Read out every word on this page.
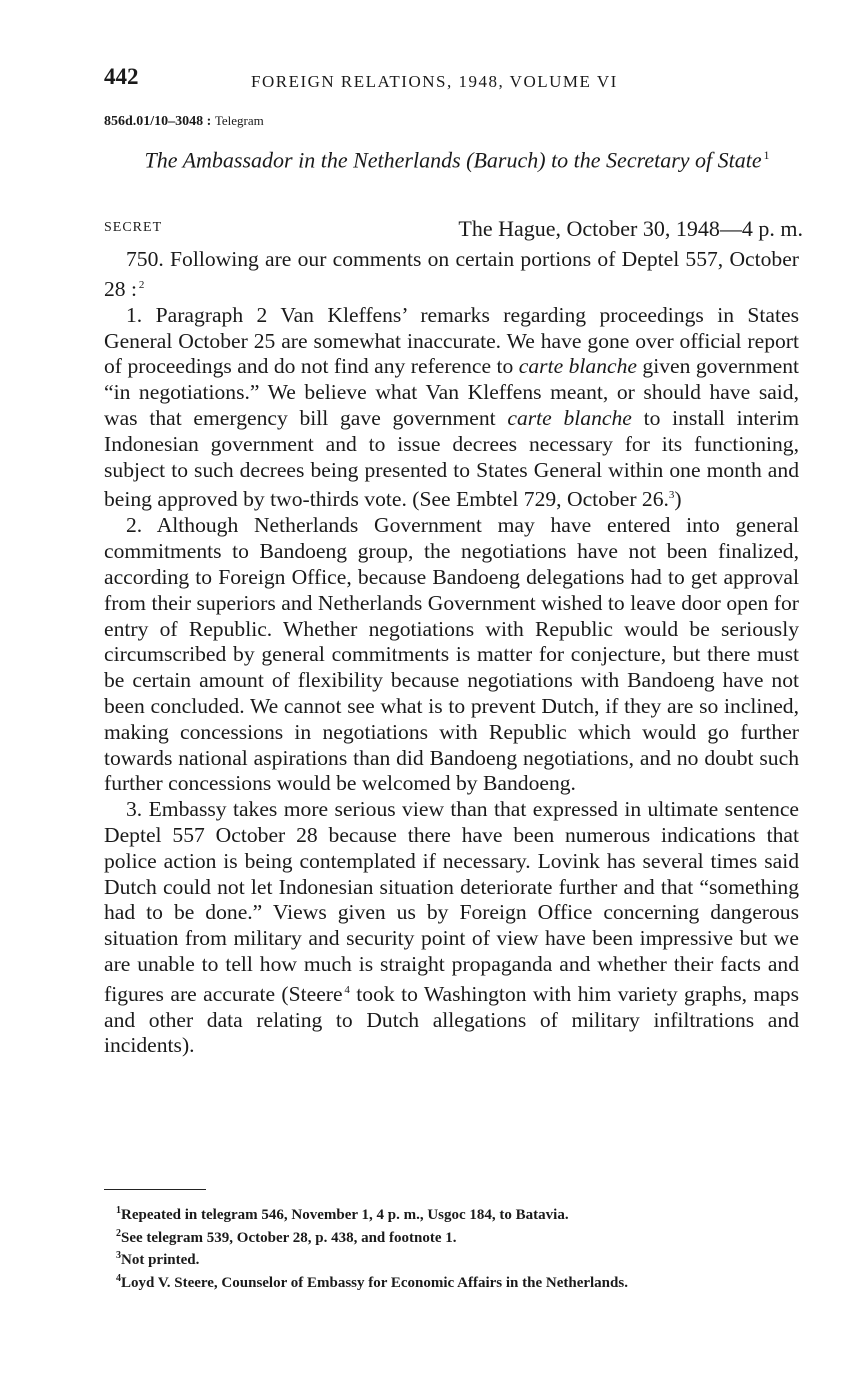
442	FOREIGN RELATIONS, 1948, VOLUME VI
856d.01/10–3048 : Telegram
The Ambassador in the Netherlands (Baruch) to the Secretary of State  $^1$
SECRET	The Hague, October 30, 1948—4 p. m.

750. Following are our comments on certain portions of Deptel 557, October 28 :  $^2$

1. Paragraph 2 Van Kleffens’ remarks regarding proceedings in States General October 25 are somewhat inaccurate. We have gone over official report of proceedings and do not find any reference to carte blanche given government “in negotiations.” We believe what Van Kleffens meant, or should have said, was that emergency bill gave government carte blanche to install interim Indonesian government and to issue decrees necessary for its functioning, subject to such decrees being presented to States General within one month and being approved by two-thirds vote. (See Embtel 729, October 26.$^3$)

2. Although Netherlands Government may have entered into general commitments to Bandoeng group, the negotiations have not been finalized, according to Foreign Office, because Bandoeng delegations had to get approval from their superiors and Netherlands Government wished to leave door open for entry of Republic. Whether negotiations with Republic would be seriously circumscribed by general commitments is matter for conjecture, but there must be certain amount of flexibility because negotiations with Bandoeng have not been concluded. We cannot see what is to prevent Dutch, if they are so inclined, making concessions in negotiations with Republic which would go further towards national aspirations than did Bandoeng negotiations, and no doubt such further concessions would be welcomed by Bandoeng.

3. Embassy takes more serious view than that expressed in ultimate sentence Deptel 557 October 28 because there have been numerous indications that police action is being contemplated if necessary. Lovink has several times said Dutch could not let Indonesian situation deteriorate further and that “something had to be done.” Views given us by Foreign Office concerning dangerous situation from military and security point of view have been impressive but we are unable to tell how much is straight propaganda and whether their facts and figures are accurate (Steere  $^4$ took to Washington with him variety graphs, maps and other data relating to Dutch allegations of military infiltrations and incidents).

$^1$Repeated in telegram 546, November 1, 4 p. m., Usgoc 184, to Batavia.

$^2$See telegram 539, October 28, p. 438, and footnote 1.

$^3$Not printed.

$^4$Loyd V. Steere, Counselor of Embassy for Economic Affairs in the Netherlands.
